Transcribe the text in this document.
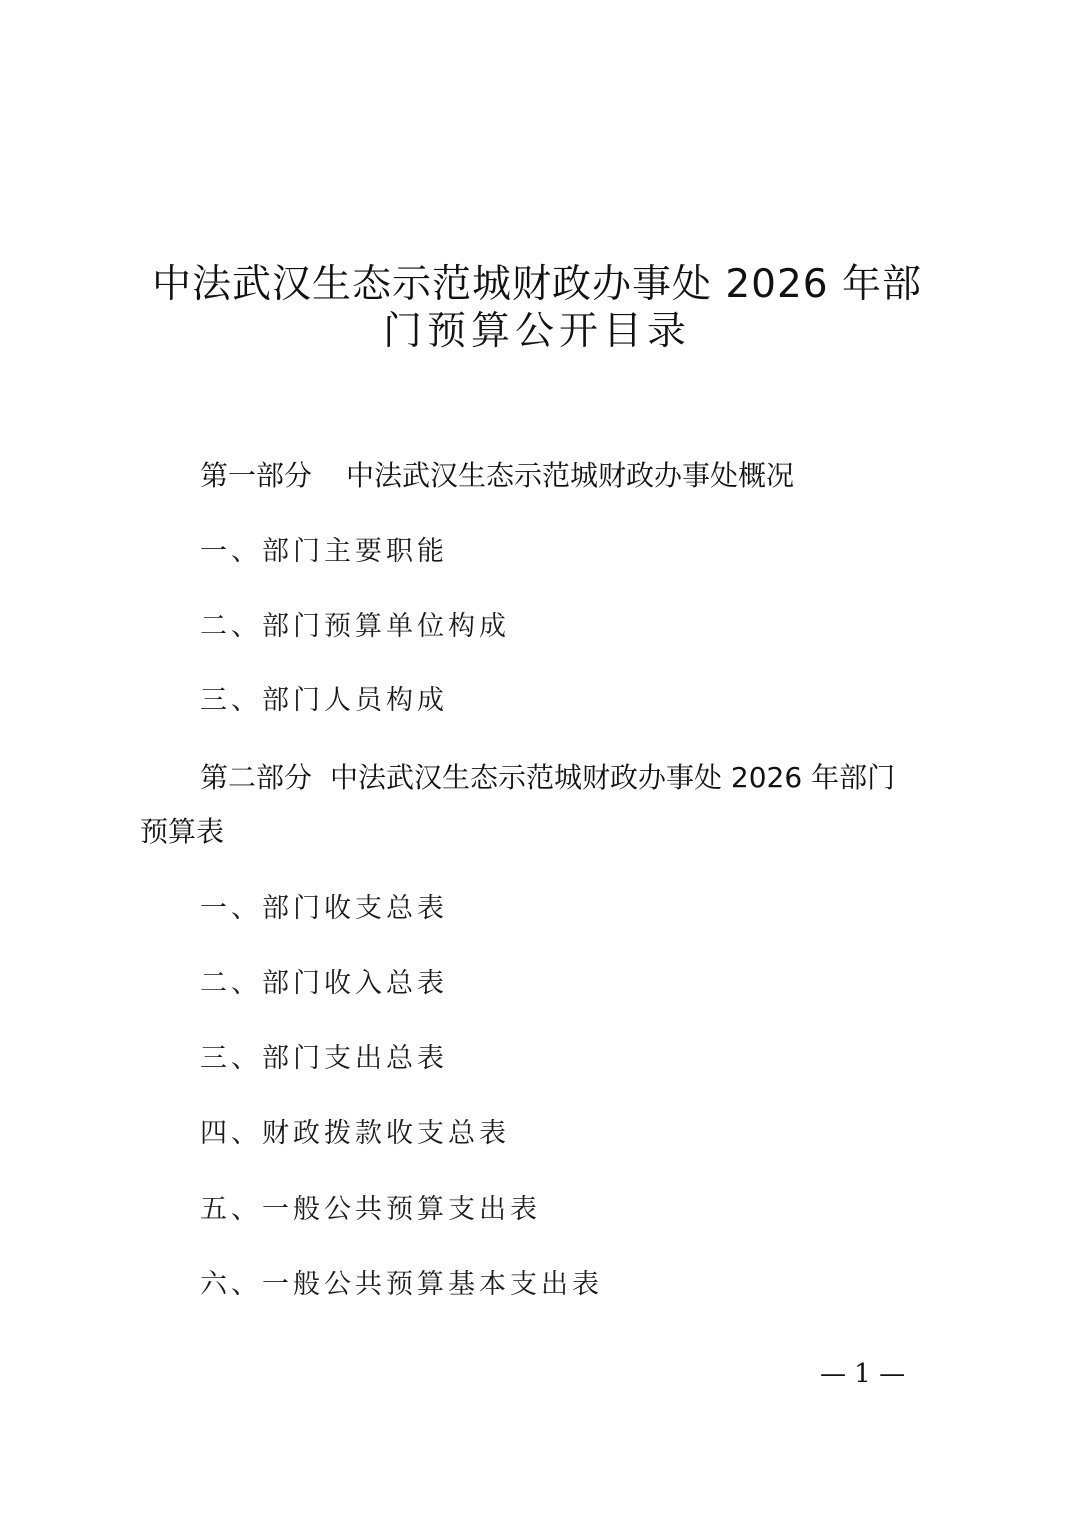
中法武汉生态示范城财政办事处 2026 年部
门预算公开目录
第一部分 中法武汉生态示范城财政办事处概况
一、部门主要职能
二、部门预算单位构成
三、部门人员构成
第二部分 中法武汉生态示范城财政办事处 2026 年部门
预算表
一、部门收支总表
二、部门收入总表
三、部门支出总表
四、财政拨款收支总表
五、一般公共预算支出表
六、一般公共预算基本支出表
— 1 —
